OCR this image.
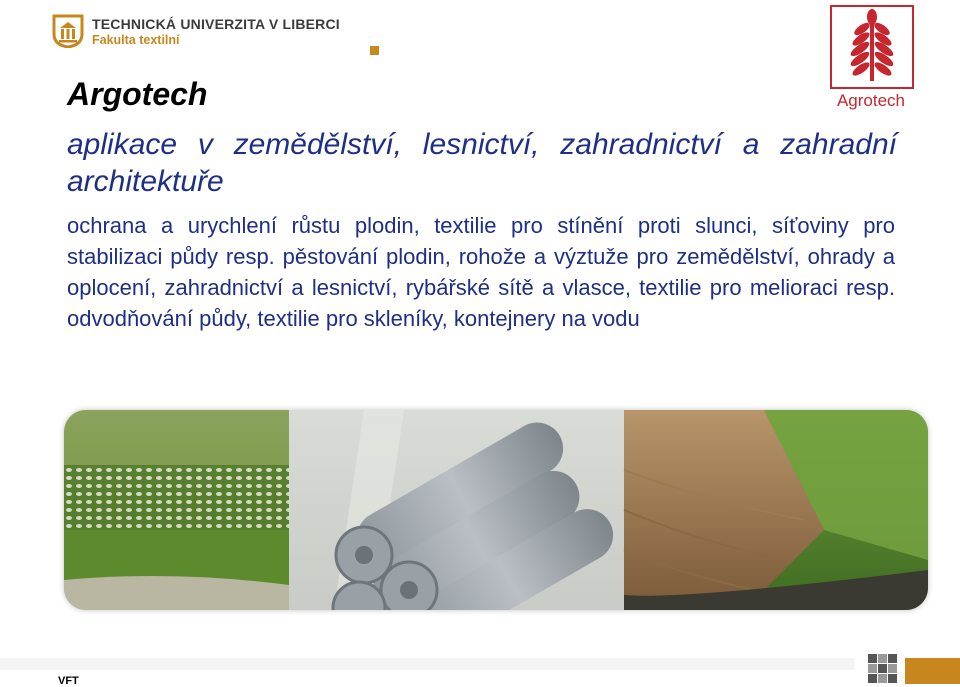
TECHNICKÁ UNIVERZITA V LIBERCI
Fakulta textilní
Agrotech
Argotech
aplikace v zemědělství, lesnictví, zahradnictví a zahradní architektuře
ochrana a urychlení růstu plodin, textilie pro stínění proti slunci, síťoviny pro stabilizaci půdy resp. pěstování plodin, rohože a výztuže pro zemědělství, ohrady a oplocení, zahradnictví a lesnictví, rybářské sítě a vlasce, textilie pro melioraci resp. odvodňování půdy, textilie pro skleníky, kontejnery na vodu
VFT
